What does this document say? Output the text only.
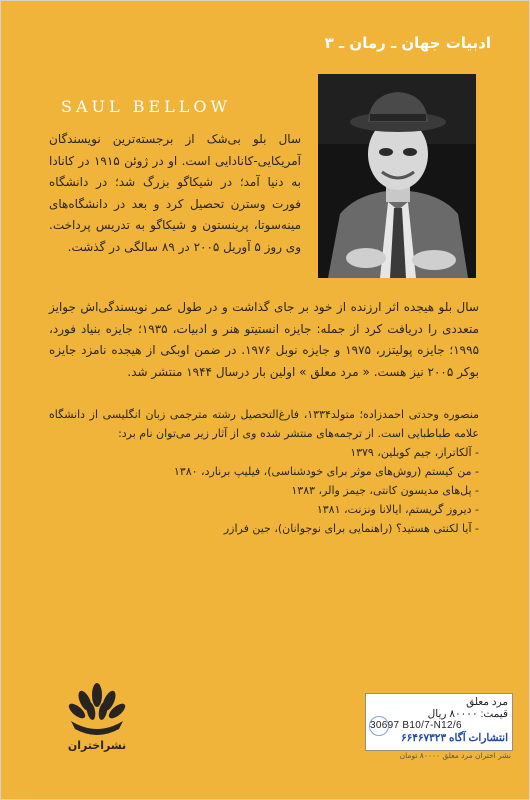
ادبیات جهان ـ رمان ـ ۳
SAUL BELLOW
سال بلو بی‌شک از برجسته‌ترین نویسندگان آمریکایی-کانادایی است. او در ژوئن ۱۹۱۵ در کانادا به دنیا آمد؛ در شیکاگو بزرگ شد؛ در دانشگاه فورت وسترن تحصیل کرد و بعد در دانشگاه‌های مینه‌سوتا، پرینستون و شیکاگو به تدریس پرداخت. وی روز ۵ آوریل ۲۰۰۵ در ۸۹ سالگی در گذشت.
سال بلو هیجده اثر ارزنده از خود بر جای گذاشت و در طول عمر نویسندگی‌اش جوایز متعددی را دریافت کرد از جمله: جایزه انستیتو هنر و ادبیات، ۱۹۳۵؛ جایزه بنیاد فورد، ۱۹۹۵؛ جایزه پولیتزر، ۱۹۷۵ و جایزه نوبل ۱۹۷۶. در ضمن اوبکی از هیجده نامزد جایزه بوکر ۲۰۰۵ نیز هست. « مرد معلق » اولین بار درسال ۱۹۴۴ منتشر شد.
منصوره وحدتی احمدزاده؛ متولد۱۳۳۴، فارغ‌التحصیل رشته مترجمی زبان انگلیسی از دانشگاه علامه طباطبایی است. از ترجمه‌های منتشر شده وی از آثار زیر می‌توان نام برد:
- آلکاتراز، جیم کوبلین، ۱۳۷۹
- من کیستم (روش‌های موثر برای خودشناسی)، فیلیپ برنارد، ۱۳۸۰
- پل‌های مدیسون کانتی، جیمز والر، ۱۳۸۳
- دیروز گریستم، ایالانا ونزنت، ۱۳۸۱
- آیا لکنتی هستید؟ (راهنمایی برای نوجوانان)، جین فرازر
نشراختران
مرد معلق
قیمت: ۸۰۰۰۰ ریال
30697 B10/7-N12/6
انتشارات آگاه ۶۶۴۶۷۳۲۳
نشر اختران مرد معلق ۸۰۰۰۰ تومان
